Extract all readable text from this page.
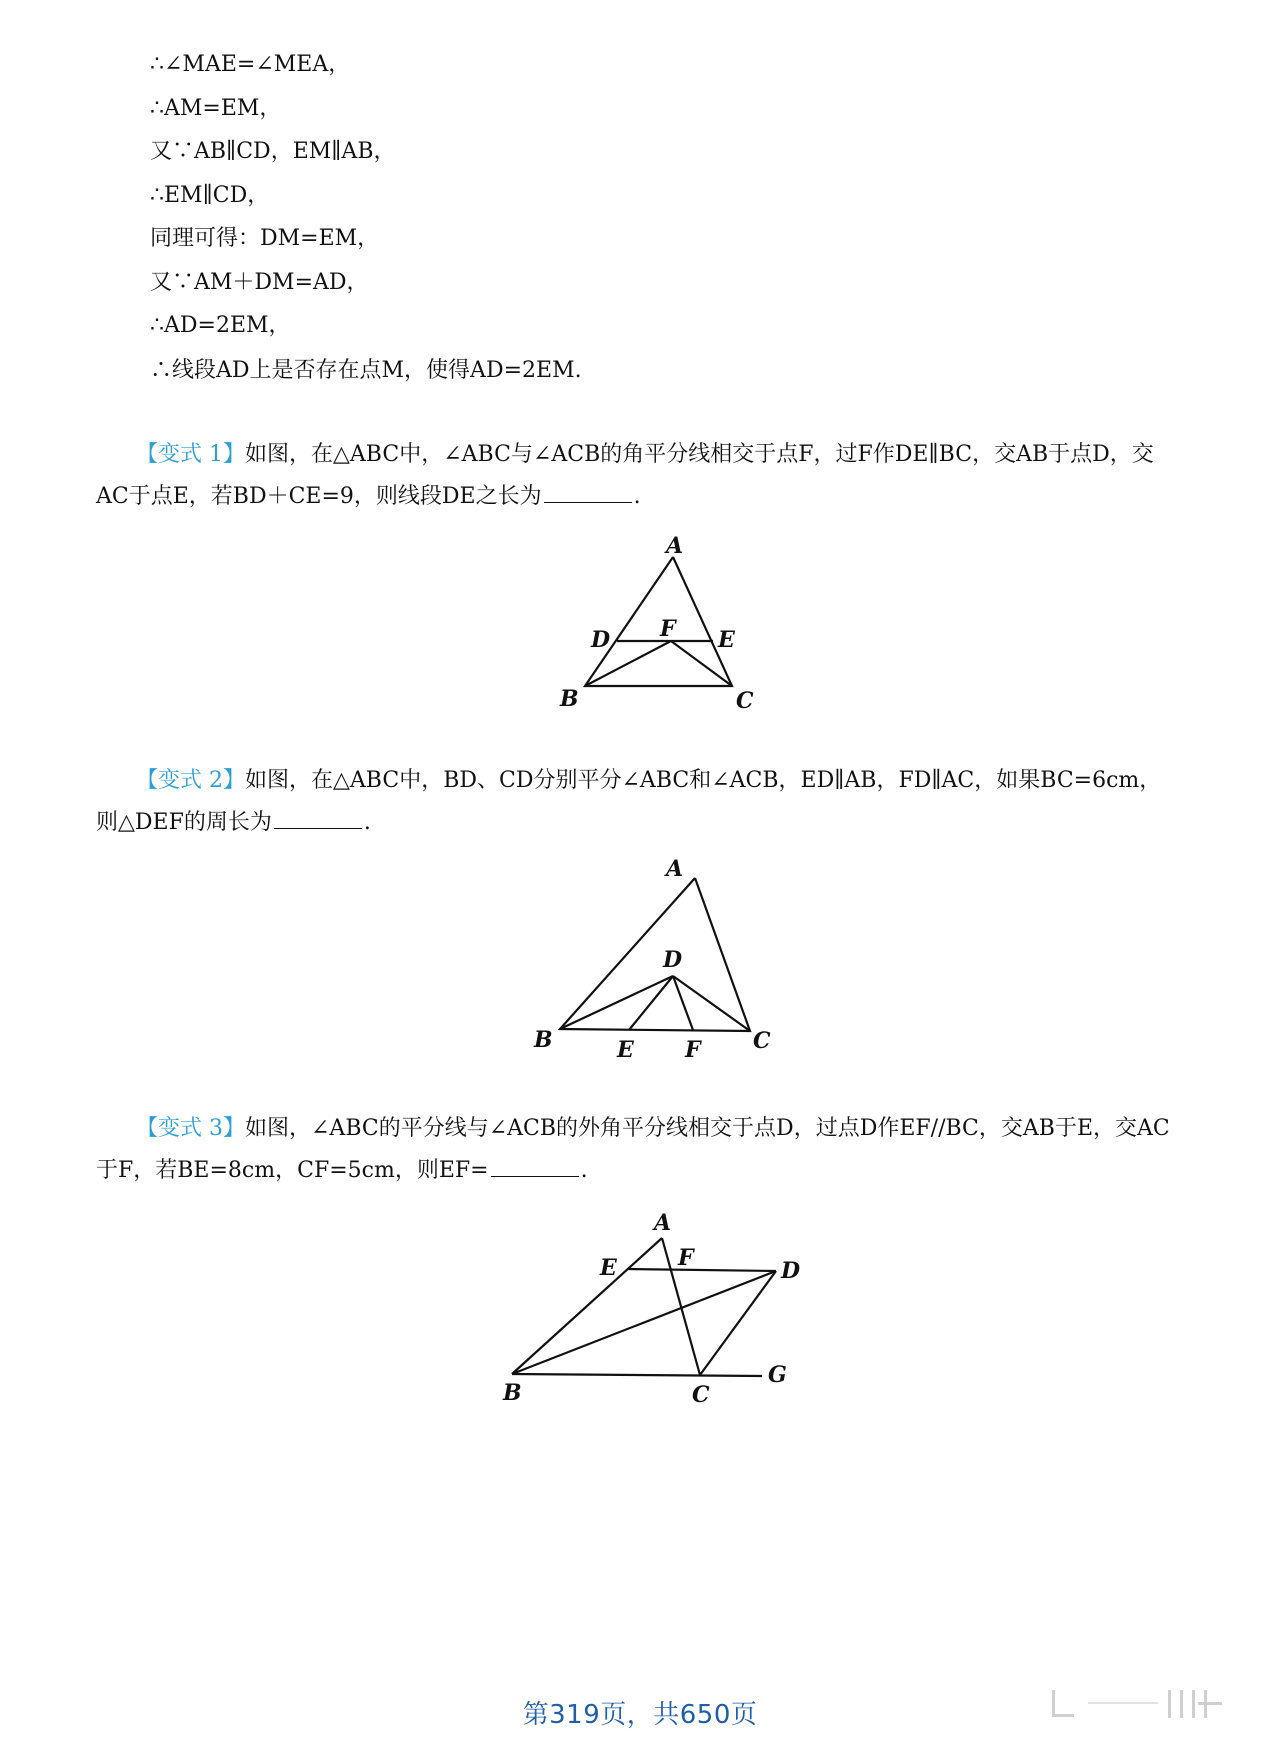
∴∠MAE=∠MEA，
∴AM=EM，
又∵AB∥CD，EM∥AB，
∴EM∥CD，
同理可得：DM=EM，
又∵AM＋DM=AD，
∴AD=2EM，
∴线段AD上是否存在点M，使得AD=2EM.
【变式 1】如图，在△ABC中，∠ABC与∠ACB的角平分线相交于点F，过F作DE∥BC，交AB于点D，交AC于点E，若BD＋CE=9，则线段DE之长为	.
A
D F E
B	C
【变式 2】如图，在△ABC中，BD、CD分别平分∠ABC和∠ACB，ED∥AB，FD∥AC，如果BC=6cm，则△DEF的周长为	.
A
D
B	E F C
【变式 3】如图，∠ABC的平分线与∠ACB的外角平分线相交于点D，过点D作EF//BC，交AB于E，交AC于F，若BE=8cm，CF=5cm，则EF=	.
A
E	F	D
B	C
G
第319页，共650页
